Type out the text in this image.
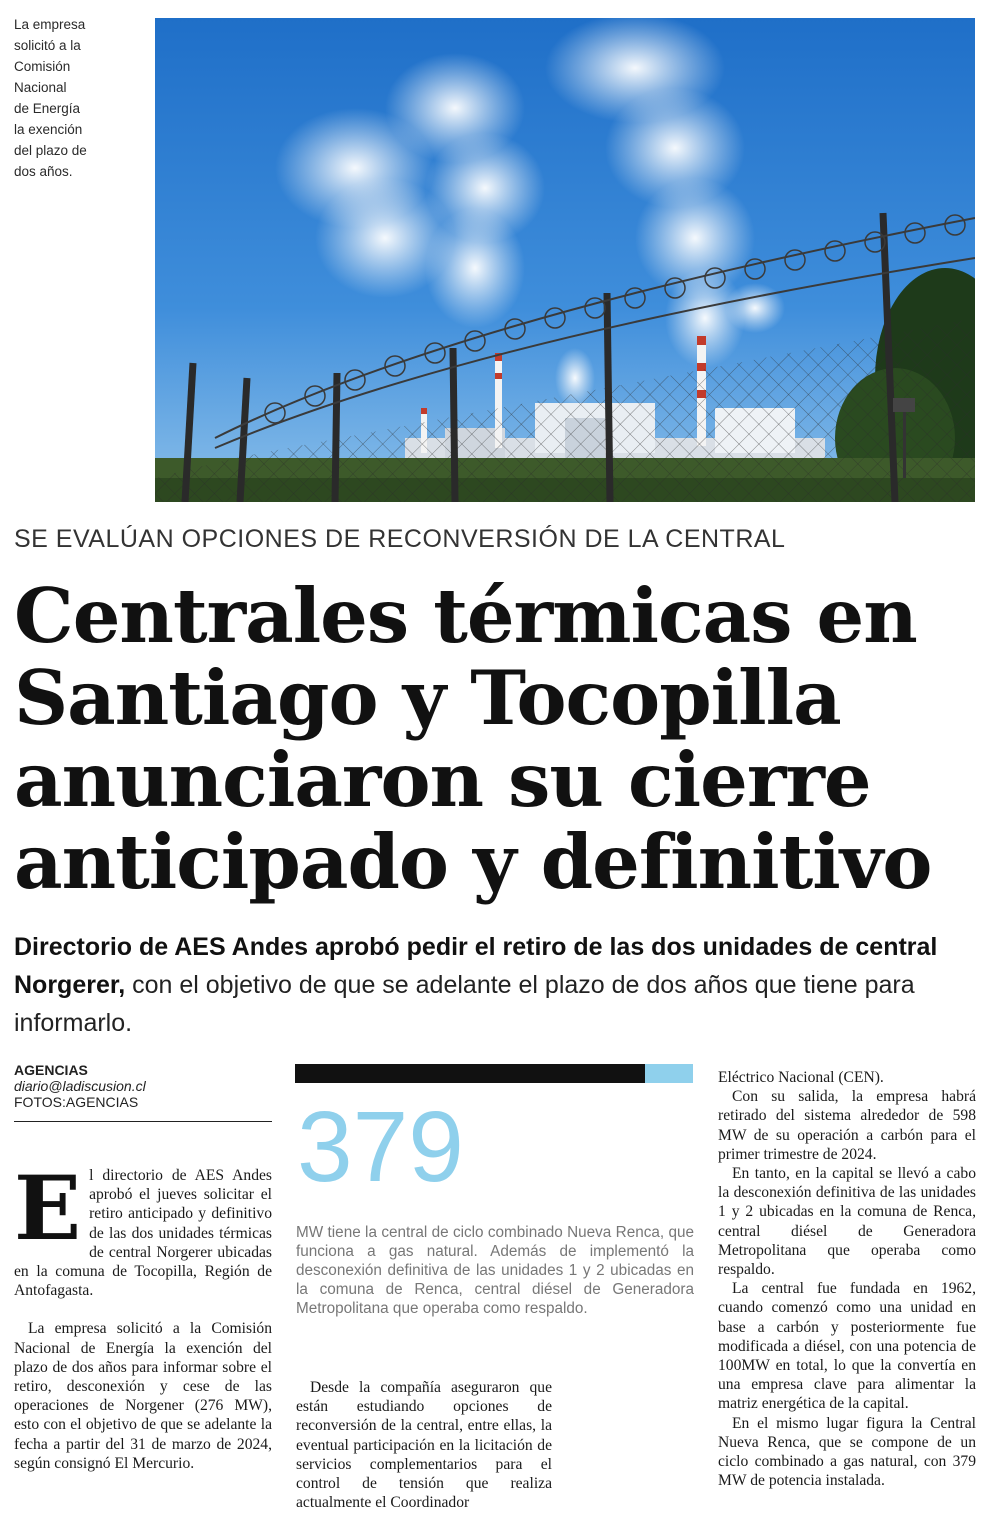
La empresa
solicitó a la
Comisión
Nacional
de Energía
la exención
del plazo de
dos años.
SE EVALÚAN OPCIONES DE RECONVERSIÓN DE LA CENTRAL
Centrales térmicas en
Santiago y Tocopilla
anunciaron su cierre
anticipado y definitivo
Directorio de AES Andes aprobó pedir el retiro de las dos unidades de central Norgerer, con el objetivo de que se adelante el plazo de dos años que tiene para informarlo.
AGENCIAS
diario@ladiscusion.cl
FOTOS:AGENCIAS

El directorio de AES Andes aprobó el jueves solicitar el retiro anticipado y definitivo de las dos unidades térmicas de central Norgerer ubicadas en la comuna de Tocopilla, Región de Antofagasta.

La empresa solicitó a la Comisión Nacional de Energía la exención del plazo de dos años para informar sobre el retiro, desconexión y cese de las operaciones de Norgener (276 MW), esto con el objetivo de que se adelante la fecha a partir del 31 de marzo de 2024, según consignó El Mercurio.

379
MW tiene la central de ciclo combinado Nueva Renca, que funciona a gas natural. Además de implementó la desconexión definitiva de las unidades 1 y 2 ubicadas en la comuna de Renca, central diésel de Generadora Metropolitana que operaba como respaldo.

Desde la compañía aseguraron que están estudiando opciones de reconversión de la central, entre ellas, la eventual participación en la licitación de servicios complementarios para el control de tensión que realiza actualmente el Coordinador

Eléctrico Nacional (CEN).

Con su salida, la empresa habrá retirado del sistema alrededor de 598 MW de su operación a carbón para el primer trimestre de 2024.

En tanto, en la capital se llevó a cabo la desconexión definitiva de las unidades 1 y 2 ubicadas en la comuna de Renca, central diésel de Generadora Metropolitana que operaba como respaldo.

La central fue fundada en 1962, cuando comenzó como una unidad en base a carbón y posteriormente fue modificada a diésel, con una potencia de 100MW en total, lo que la convertía en una empresa clave para alimentar la matriz energética de la capital.

En el mismo lugar figura la Central Nueva Renca, que se compone de un ciclo combinado a gas natural, con 379 MW de potencia instalada.
